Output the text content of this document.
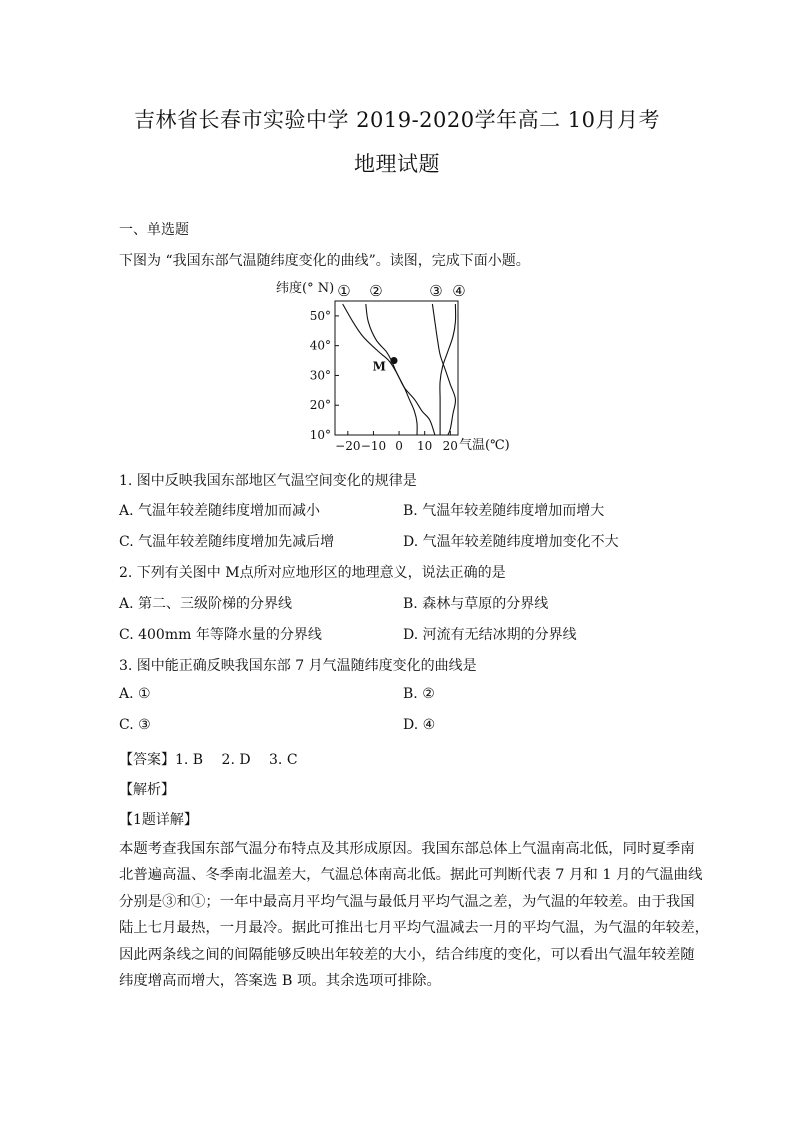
吉林省长春市实验中学 2019-2020学年高二 10月月考
地理试题
一、单选题
下图为 “我国东部气温随纬度变化的曲线”。读图，完成下面小题。
纬度(° N)
气温(℃)
50°
40°
30°
20°
10°
−20 −10 0 10 20
① ②	③ ④
M
1. 图中反映我国东部地区气温空间变化的规律是
A. 气温年较差随纬度增加而减小	B. 气温年较差随纬度增加而增大
C. 气温年较差随纬度增加先减后增	D. 气温年较差随纬度增加变化不大
2. 下列有关图中 M点所对应地形区的地理意义，说法正确的是
A. 第二、三级阶梯的分界线	B. 森林与草原的分界线
C. 400mm 年等降水量的分界线	D. 河流有无结冰期的分界线
3. 图中能正确反映我国东部 7 月气温随纬度变化的曲线是
A. ①	B. ②
C. ③	D. ④
【答案】1. B　 2. D　 3. C
【解析】
【1题详解】
本题考查我国东部气温分布特点及其形成原因。我国东部总体上气温南高北低，同时夏季南
北普遍高温、冬季南北温差大，气温总体南高北低。据此可判断代表 7 月和 1 月的气温曲线
分别是③和①；一年中最高月平均气温与最低月平均气温之差，为气温的年较差。由于我国
陆上七月最热，一月最冷。据此可推出七月平均气温减去一月的平均气温，为气温的年较差，
因此两条线之间的间隔能够反映出年较差的大小，结合纬度的变化，可以看出气温年较差随
纬度增高而增大，答案选 B 项。其余选项可排除。
